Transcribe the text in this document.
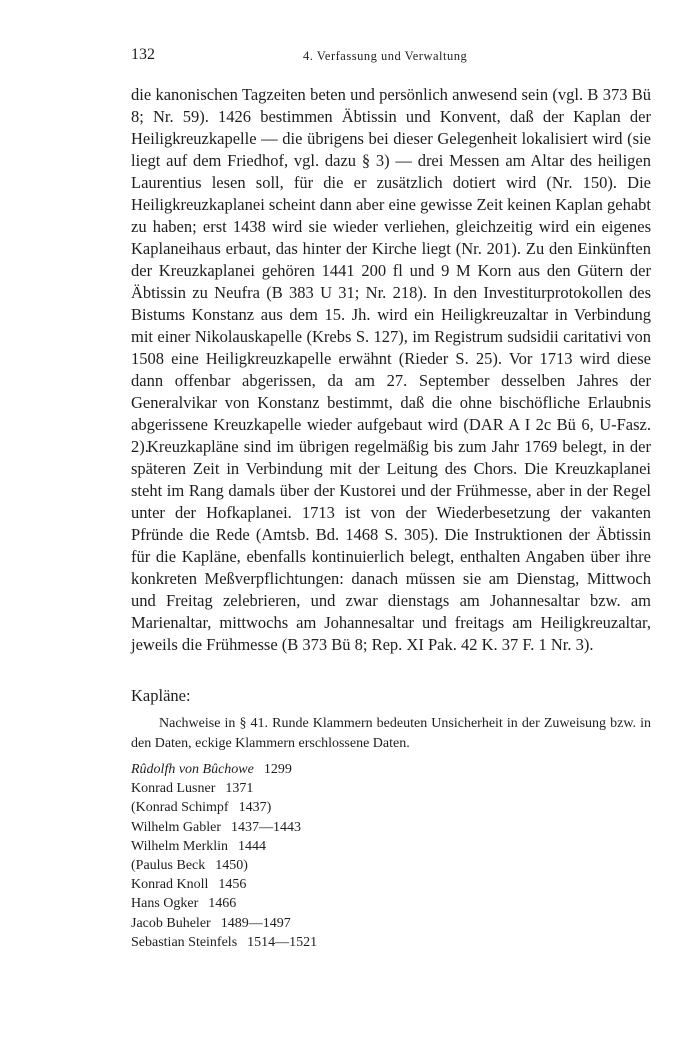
132	4. Verfassung und Verwaltung
die kanonischen Tagzeiten beten und persönlich anwesend sein (vgl. B 373 Bü 8; Nr. 59). 1426 bestimmen Äbtissin und Konvent, daß der Kaplan der Heiligkreuzkapelle — die übrigens bei dieser Gelegenheit lokalisiert wird (sie liegt auf dem Friedhof, vgl. dazu § 3) — drei Messen am Altar des heiligen Laurentius lesen soll, für die er zusätzlich dotiert wird (Nr. 150). Die Heiligkreuzkaplanei scheint dann aber eine gewisse Zeit keinen Kaplan gehabt zu haben; erst 1438 wird sie wieder verliehen, gleichzeitig wird ein eigenes Kaplaneihaus erbaut, das hinter der Kirche liegt (Nr. 201). Zu den Einkünften der Kreuzkaplanei gehören 1441 200 fl und 9 M Korn aus den Gütern der Äbtissin zu Neufra (B 383 U 31; Nr. 218). In den Investiturprotokollen des Bistums Konstanz aus dem 15. Jh. wird ein Heiligkreuzaltar in Verbindung mit einer Nikolauskapelle (Krebs S. 127), im Registrum sudsidii caritativi von 1508 eine Heiligkreuzkapelle erwähnt (Rieder S. 25). Vor 1713 wird diese dann offenbar abgerissen, da am 27. September desselben Jahres der Generalvikar von Konstanz bestimmt, daß die ohne bischöfliche Erlaubnis abgerissene Kreuzkapelle wieder aufgebaut wird (DAR A I 2c Bü 6, U-Fasz. 2).
Kreuzkapläne sind im übrigen regelmäßig bis zum Jahr 1769 belegt, in der späteren Zeit in Verbindung mit der Leitung des Chors. Die Kreuzkaplanei steht im Rang damals über der Kustorei und der Frühmesse, aber in der Regel unter der Hofkaplanei. 1713 ist von der Wiederbesetzung der vakanten Pfründe die Rede (Amtsb. Bd. 1468 S. 305). Die Instruktionen der Äbtissin für die Kapläne, ebenfalls kontinuierlich belegt, enthalten Angaben über ihre konkreten Meßverpflichtungen: danach müssen sie am Dienstag, Mittwoch und Freitag zelebrieren, und zwar dienstags am Johannesaltar bzw. am Marienaltar, mittwochs am Johannesaltar und freitags am Heiligkreuzaltar, jeweils die Frühmesse (B 373 Bü 8; Rep. XI Pak. 42 K. 37 F. 1 Nr. 3).
Kapläne:
Nachweise in § 41. Runde Klammern bedeuten Unsicherheit in der Zuweisung bzw. in den Daten, eckige Klammern erschlossene Daten.
Rûdolfh von Bûchowe 1299
Konrad Lusner 1371
(Konrad Schimpf 1437)
Wilhelm Gabler 1437—1443
Wilhelm Merklin 1444
(Paulus Beck 1450)
Konrad Knoll 1456
Hans Ogker 1466
Jacob Buheler 1489—1497
Sebastian Steinfels 1514—1521
